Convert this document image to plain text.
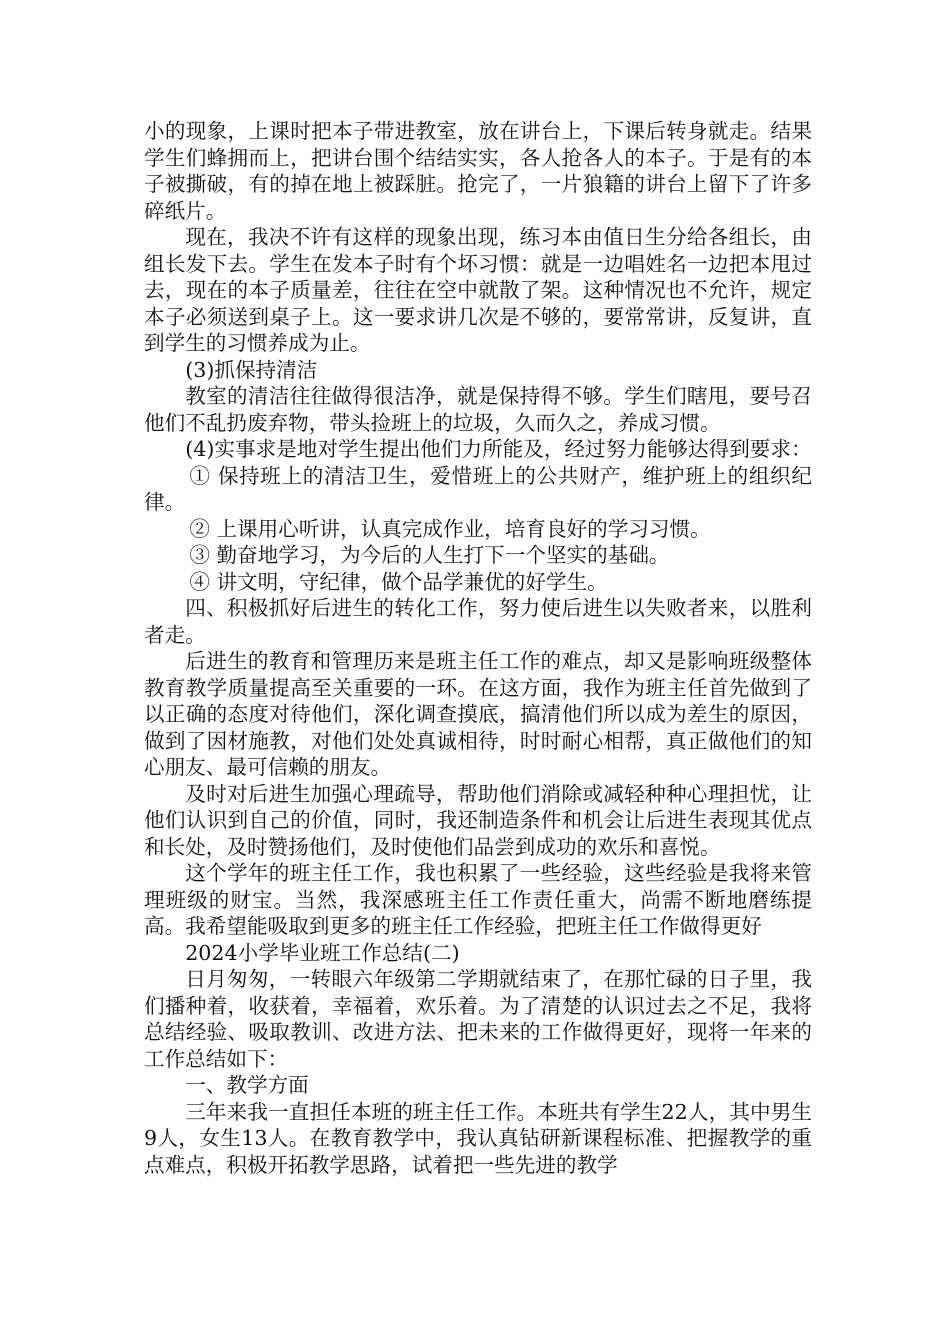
小的现象，上课时把本子带进教室，放在讲台上，下课后转身就走。结果学生们蜂拥而上，把讲台围个结结实实，各人抢各人的本子。于是有的本子被撕破，有的掉在地上被踩脏。抢完了，一片狼籍的讲台上留下了许多碎纸片。

现在，我决不许有这样的现象出现，练习本由值日生分给各组长，由组长发下去。学生在发本子时有个坏习惯：就是一边唱姓名一边把本甩过去，现在的本子质量差，往往在空中就散了架。这种情况也不允许，规定本子必须送到桌子上。这一要求讲几次是不够的，要常常讲，反复讲，直到学生的习惯养成为止。

(3)抓保持清洁

教室的清洁往往做得很洁净，就是保持得不够。学生们瞎甩，要号召他们不乱扔废弃物，带头捡班上的垃圾，久而久之，养成习惯。

(4)实事求是地对学生提出他们力所能及，经过努力能够达得到要求：

① 保持班上的清洁卫生，爱惜班上的公共财产，维护班上的组织纪律。

② 上课用心听讲，认真完成作业，培育良好的学习习惯。

③ 勤奋地学习，为今后的人生打下一个坚实的基础。

④ 讲文明，守纪律，做个品学兼优的好学生。

四、积极抓好后进生的转化工作，努力使后进生以失败者来，以胜利者走。

后进生的教育和管理历来是班主任工作的难点，却又是影响班级整体教育教学质量提高至关重要的一环。在这方面，我作为班主任首先做到了以正确的态度对待他们，深化调查摸底，搞清他们所以成为差生的原因，做到了因材施教，对他们处处真诚相待，时时耐心相帮，真正做他们的知心朋友、最可信赖的朋友。

及时对后进生加强心理疏导，帮助他们消除或减轻种种心理担忧，让他们认识到自己的价值，同时，我还制造条件和机会让后进生表现其优点和长处，及时赞扬他们，及时使他们品尝到成功的欢乐和喜悦。

这个学年的班主任工作，我也积累了一些经验，这些经验是我将来管理班级的财宝。当然，我深感班主任工作责任重大，尚需不断地磨练提高。我希望能吸取到更多的班主任工作经验，把班主任工作做得更好

2024小学毕业班工作总结(二)

日月匆匆，一转眼六年级第二学期就结束了，在那忙碌的日子里，我们播种着，收获着，幸福着，欢乐着。为了清楚的认识过去之不足，我将总结经验、吸取教训、改进方法、把未来的工作做得更好，现将一年来的工作总结如下：

一、教学方面

三年来我一直担任本班的班主任工作。本班共有学生22人，其中男生9人，女生13人。在教育教学中，我认真钻研新课程标准、把握教学的重点难点，积极开拓教学思路，试着把一些先进的教学
